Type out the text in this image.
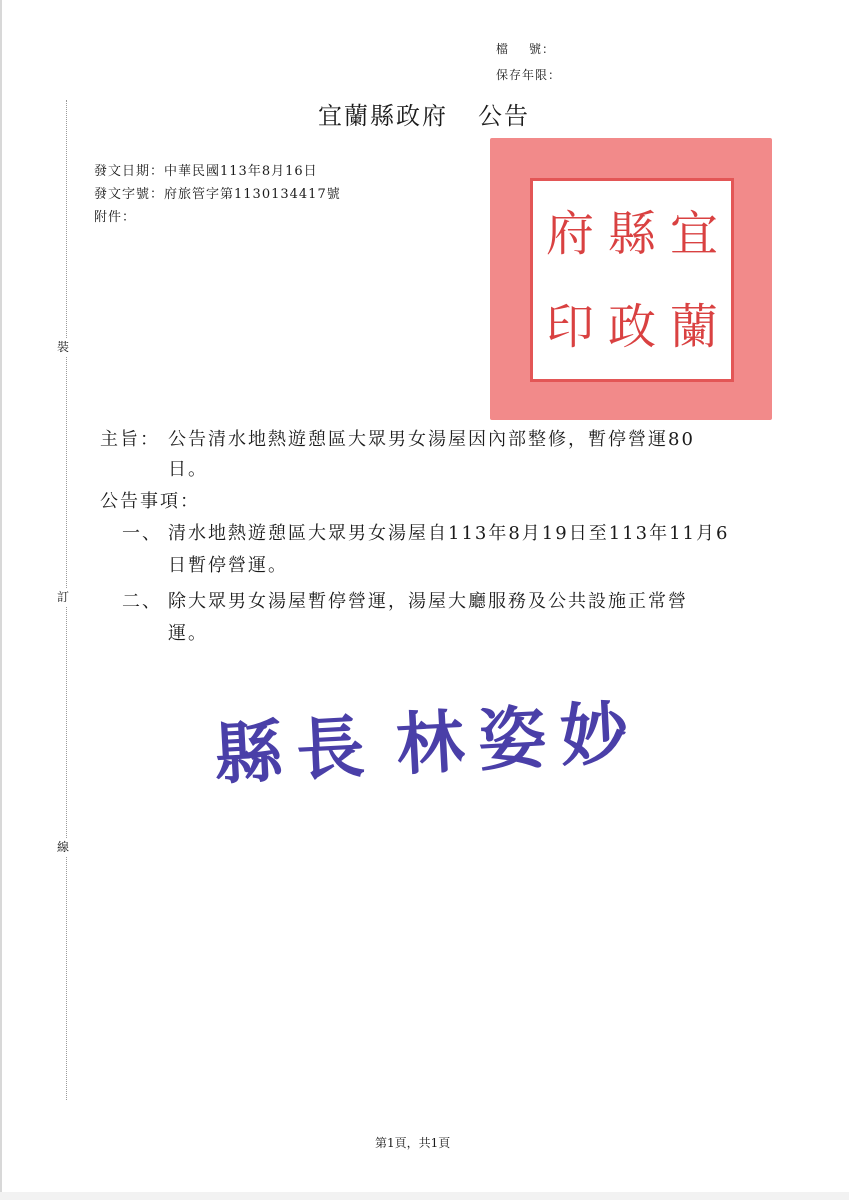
裝
訂
線
檔 號：
保存年限：
宜蘭縣政府 公告
發文日期：中華民國113年8月16日
發文字號：府旅管字第1130134417號
附件：	府
印
縣
政
宜
蘭
主旨： 公告清水地熱遊憩區大眾男女湯屋因內部整修，暫停營運80
日。
公告事項：
一、 清水地熱遊憩區大眾男女湯屋自113年8月19日至113年11月6
日暫停營運。
二、 除大眾男女湯屋暫停營運，湯屋大廳服務及公共設施正常營
運。
縣長 林姿妙
第1頁，共1頁
